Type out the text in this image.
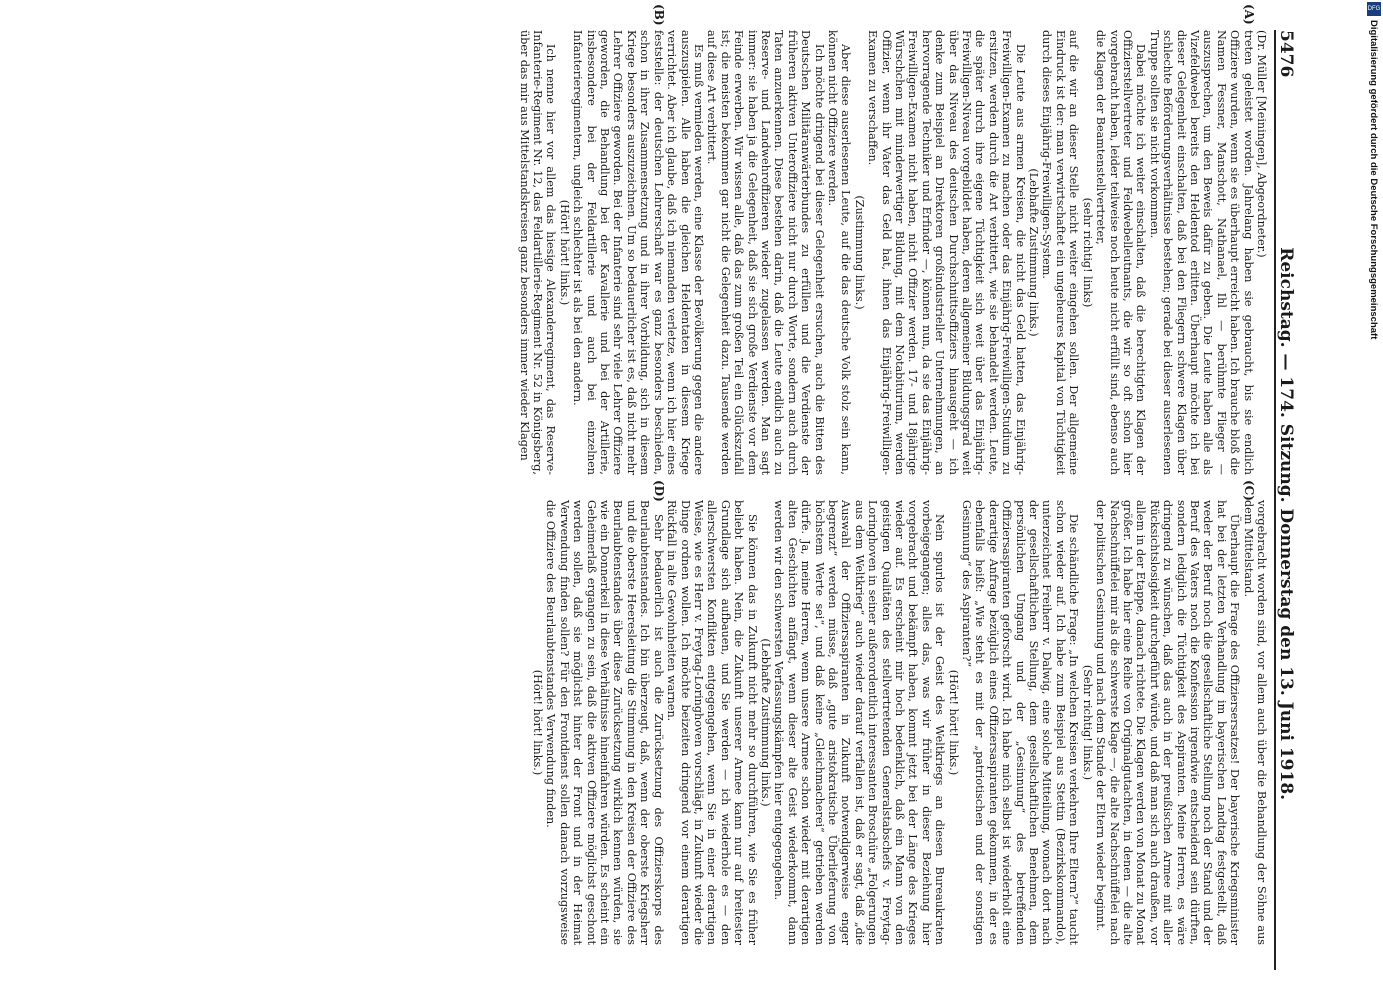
DFG
Digitalisierung gefördert durch die Deutsche Forschungsgemeinschaft
5476
Reichstag. — 174. Sitzung. Donnerstag den 13. Juni 1918.

(Dr. Müller [Meiningen], Abgeordneter.)

treten geleistet worden. Jahrelang haben sie gebraucht, bis sie endlich Offiziere wurden, wenn sie es überhaupt erreicht haben. Ich brauche bloß die Namen Fessner, Manschott, Nathanael, Ihl — berühmte Flieger — auszusprechen, um den Beweis dafür zu geben. Die Leute haben alle als Vizefeldwebel bereits den Heldentod erlitten. Überhaupt möchte ich bei dieser Gelegenheit einschalten, daß bei den Fliegern schwere Klagen über schlechte Beförderungsverhältnisse bestehen; gerade bei dieser auserlesenen Truppe sollten sie nicht vorkommen.

Dabei möchte ich weiter einschalten, daß die berechtigten Klagen der Offizierstellvertreter und Feldwebelleutnants, die wir so oft schon hier vorgebracht haben, leider teilweise noch heute nicht erfüllt sind, ebenso auch die Klagen der Beamtenstellvertreter,

(sehr richtig! links)

auf die wir an dieser Stelle nicht weiter eingehen sollen. Der allgemeine Eindruck ist der: man verwirtschaftet ein ungeheures Kapital von Tüchtigkeit durch dieses Einjährig-Freiwilligen-System.

(Lebhafte Zustimmung links.)

Die Leute aus armen Kreisen, die nicht das Geld hatten, das Einjährig-Freiwilligen-Examen zu machen oder das Einjährig-Freiwilligen-Studium zu ersitzen, werden durch die Art verbittert, wie sie behandelt werden. Leute, die später durch ihre eigene Tüchtigkeit sich weit über das Einjährig-Freiwilligen-Niveau vorgebildet haben, deren allgemeiner Bildungsgrad weit über das Niveau des deutschen Durchschnittsoffiziers hinausgeht — ich denke zum Beispiel an Direktoren großindustrieller Unternehmungen, an hervorragende Techniker und Erfinder —, können nun, da sie das Einjährig-Freiwilligen-Examen nicht haben, nicht Offizier werden. 17- und 18jährige Würschchen mit minderwertiger Bildung, mit dem Notabiturium, werden Offizier, wenn ihr Vater das Geld hat, ihnen das Einjährig-Freiwilligen-Examen zu verschaffen.

(Zustimmung links.)

Aber diese auserlesenen Leute, auf die das deutsche Volk stolz sein kann, können nicht Offiziere werden.

Ich möchte dringend bei dieser Gelegenheit ersuchen, auch die Bitten des Deutschen Militäranwärterbundes zu erfüllen und die Verdienste der früheren aktiven Unteroffiziere nicht nur durch Worte, sondern auch durch Taten anzuerkennen. Diese bestehen darin, daß die Leute endlich auch zu Reserve- und Landwehroffizieren wieder zugelassen werden. Man sagt immer: sie haben ja die Gelegenheit, daß sie sich große Verdienste vor dem Feinde erwerben. Wir wissen alle, daß das zum großen Teil ein Glückszufall ist; die meisten bekommen gar nicht die Gelegenheit dazu. Tausende werden auf diese Art verbittert.

Es muß vermieden werden, eine Klasse der Bevölkerung gegen die andere auszuspielen. Alle haben die gleichen Heldentaten in diesem Kriege verrichtet. Aber ich glaube, daß ich niemanden verletze, wenn ich hier eines feststelle: der deutschen Lehrerschaft war es ganz besonders beschieden, schon in ihrer Zusammensetzung und in ihrer Vorbildung, sich in diesem Kriege besonders auszuzeichnen. Um so bedauerlicher ist es, daß nicht mehr Lehrer Offiziere geworden. Bei der Infanterie sind sehr viele Lehrer Offiziere geworden, die Behandlung bei der Kavallerie und bei der Artillerie, insbesondere bei der Feldartillerie und auch bei einzelnen Infanterieregimentern, ungleich schlechter ist als bei den andern.

(Hört! hört! links.)

Ich nenne hier vor allem das hiesige Alexanderregiment, das Reserve-Infanterie-Regiment Nr. 12, das Feldartillerie-Regiment Nr. 52 in Königsberg, über das mir aus Mittelstandskreisen ganz besonders immer wieder Klagen

vorgebracht worden sind, vor allem auch über die Behandlung der Söhne aus dem Mittelstand.

Überhaupt die Frage des Offiziersersatzes! Der bayerische Kriegsminister hat bei der letzten Verhandlung im bayerischen Landtag festgestellt, daß weder der Beruf noch die gesellschaftliche Stellung noch der Stand und der Beruf des Vaters noch die Konfession irgendwie entscheidend sein dürften, sondern lediglich die Tüchtigkeit des Aspiranten. Meine Herren, es wäre dringend zu wünschen, daß das auch in der preußischen Armee mit aller Rücksichtslosigkeit durchgeführt würde, und daß man sich auch draußen, vor allem in der Etappe, danach richtete. Die Klagen werden von Monat zu Monat größer. Ich habe hier eine Reihe von Originalgutachten, in denen — die alte Nachschnüffelei mir als die schwerste Klage —, die alte Nachschnüffelei nach der politischen Gesinnung und nach dem Stande der Eltern wieder beginnt.

(Sehr richtig! links.)

Die schändliche Frage: „In welchen Kreisen verkehren Ihre Eltern?“ taucht schon wieder auf. Ich habe zum Beispiel aus Stettin (Bezirkskommando), unterzeichnet Freiherr v. Dalwig, eine solche Mitteilung, wonach dort nach der gesellschaftlichen Stellung, dem gesellschaftlichen Benehmen, dem persönlichen Umgang und der „Gesinnung“ des betreffenden Offiziersaspiranten geforscht wird. Ich habe mich selbst ist wiederholt eine derartige Anfrage bezüglich eines Offiziersaspiranten gekommen, in der es ebenfalls heißt: „Wie steht es mit der „patriotischen und der sonstigen Gesinnung“ des Aspiranten?“

(Hört! hört! links.)

Nein spurlos ist der Geist des Weltkriegs an diesen Bureaukraten vorbeigegangen; alles das, was wir früher in dieser Beziehung hier vorgebracht und bekämpft haben, kommt jetzt bei der Länge des Krieges wieder auf. Es erscheint mir hoch bedenklich, daß ein Mann von den geistigen Qualitäten des stellvertretenden Generalstabschefs v. Freytag-Loringhoven in seiner außerordentlich interessanten Broschüre „Folgerungen aus dem Weltkrieg“ auch wieder darauf verfallen ist, daß er sagt, daß „die Auswahl der Offiziersaspiranten in Zukunft notwendigerweise enger begrenzt“ werden müsse, daß „gute aristokratische Überlieferung von höchstem Werte sei“, und daß keine „Gleichmacherei“ getrieben werden dürfe. Ja, meine Herren, wenn unsere Armee schon wieder mit derartigen alten Geschichten anfängt, wenn dieser alte Geist wiederkommt, dann werden wir den schwersten Verfassungskämpfen hier entgegengehen.

(Lebhafte Zustimmung links.)

Sie können das in Zukunft nicht mehr so durchführen, wie Sie es früher beliebt haben. Nein, die Zukunft unserer Armee kann nur auf breitester Grundlage sich aufbauen, und Sie werden — ich wiederhole es — den allerschwersten Konflikten entgegengehen, wenn Sie in einer derartigen Weise, wie es Herr v. Freytag-Loringhoven vorschlägt, in Zukunft wieder die Dinge ordnen wollen. Ich möchte beizeiten dringend vor einem derartigen Rückfall in alte Gewohnheiten warnen.

Sehr bedauerlich ist auch die Zurücksetzung des Offizierskorps des Beurlaubtenstandes. Ich bin überzeugt, daß, wenn der oberste Kriegsherr und die oberste Heeresleitung die Stimmung in den Kreisen der Offiziere des Beurlaubtenstandes über diese Zurücksetzung wirklich kennen würden, sie wie ein Donnerkeil in diese Verhältnisse hineinfahren würden. Es scheint ein Geheimerlaß ergangen zu sein, daß die aktiven Offiziere möglichst geschont werden sollen, daß sie möglichst hinter der Front und in der Heimat Verwendung finden sollen? Für den Frontdienst sollen danach vorzugsweise die Offiziere des Beurlaubtenstandes Verwendung finden.

(Hört! hört! links.)

(A)
(B)
(C)
(D)
